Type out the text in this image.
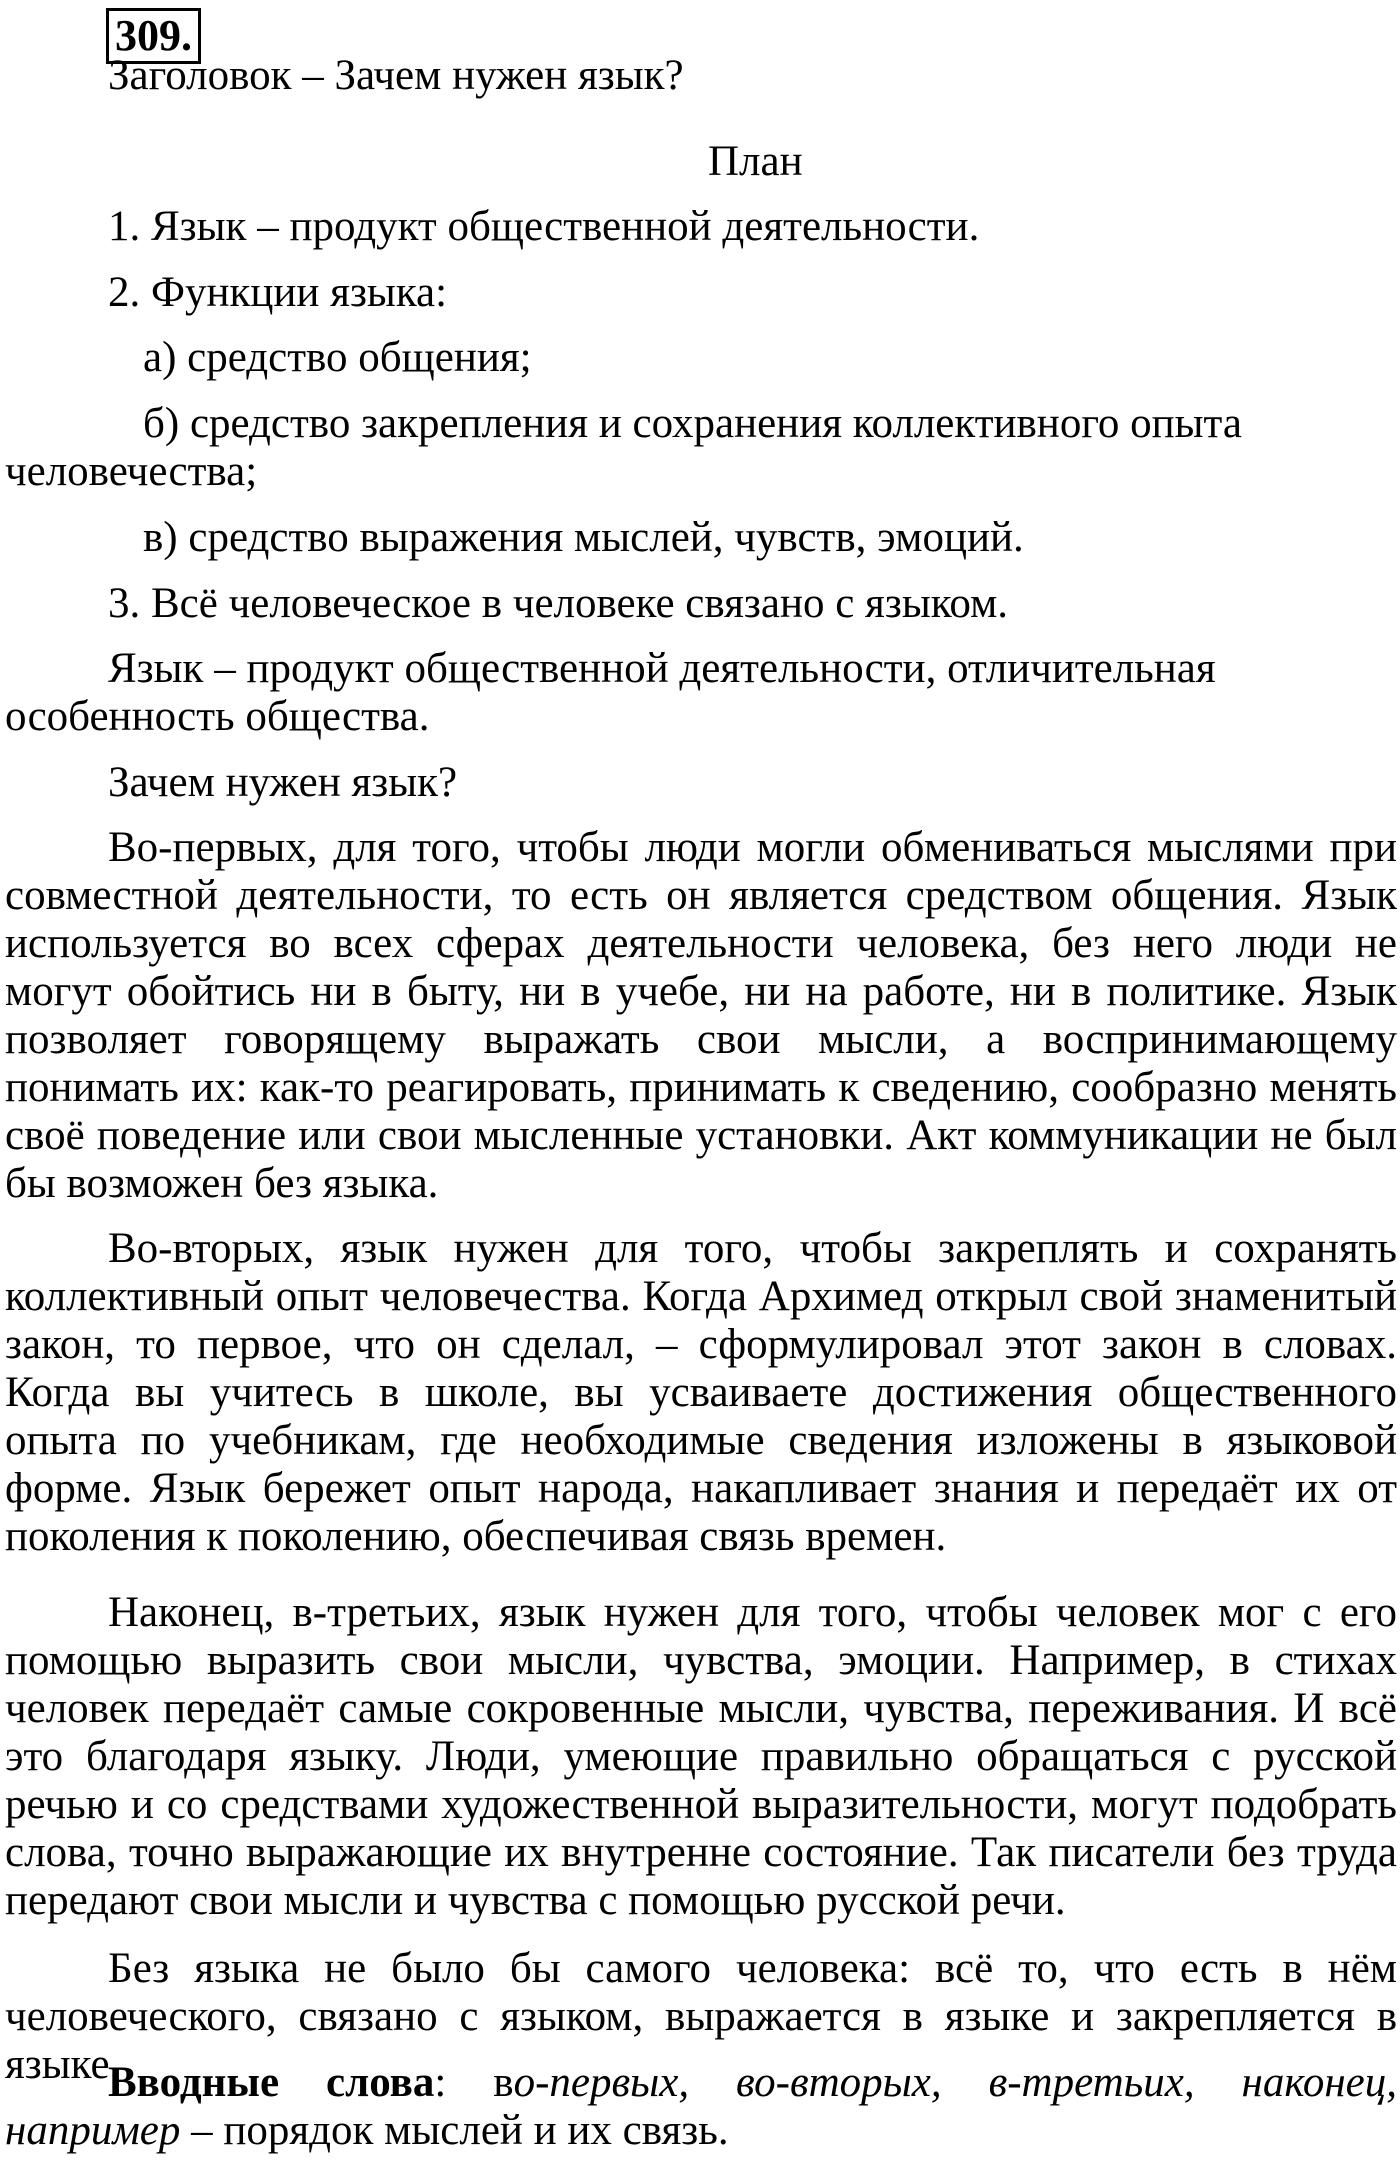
309.
Заголовок – Зачем нужен язык?
План
1. Язык – продукт общественной деятельности.
2. Функции языка:
а) средство общения;
б) средство закрепления и сохранения коллективного опыта человечества;
в) средство выражения мыслей, чувств, эмоций.
3. Всё человеческое в человеке связано с языком.
Язык – продукт общественной деятельности, отличительная особенность общества.
Зачем нужен язык?
Во-первых, для того, чтобы люди могли обмениваться мыслями при совместной деятельности, то есть он является средством общения. Язык используется во всех сферах деятельности человека, без него люди не могут обойтись ни в быту, ни в учебе, ни на работе, ни в политике. Язык позволяет говорящему выражать свои мысли, а воспринимающему понимать их: как-то реагировать, принимать к сведению, сообразно менять своё поведение или свои мысленные установки. Акт коммуникации не был бы возможен без языка.
Во-вторых, язык нужен для того, чтобы закреплять и сохранять коллективный опыт человечества. Когда Архимед открыл свой знаменитый закон, то первое, что он сделал, – сформулировал этот закон в словах. Когда вы учитесь в школе, вы усваиваете достижения общественного опыта по учебникам, где необходимые сведения изложены в языковой форме. Язык бережет опыт народа, накапливает знания и передаёт их от поколения к поколению, обеспечивая связь времен.
Наконец, в-третьих, язык нужен для того, чтобы человек мог с его помощью выразить свои мысли, чувства, эмоции. Например, в стихах человек передаёт самые сокровенные мысли, чувства, переживания. И всё это благодаря языку. Люди, умеющие правильно обращаться с русской речью и со средствами художественной выразительности, могут подобрать слова, точно выражающие их внутренне состояние. Так писатели без труда передают свои мысли и чувства с помощью русской речи.
Без языка не было бы самого человека: всё то, что есть в нём человеческого, связано с языком, выражается в языке и закрепляется в языке.
Вводные слова: во-первых, во-вторых, в-третьих, наконец, например – порядок мыслей и их связь.
